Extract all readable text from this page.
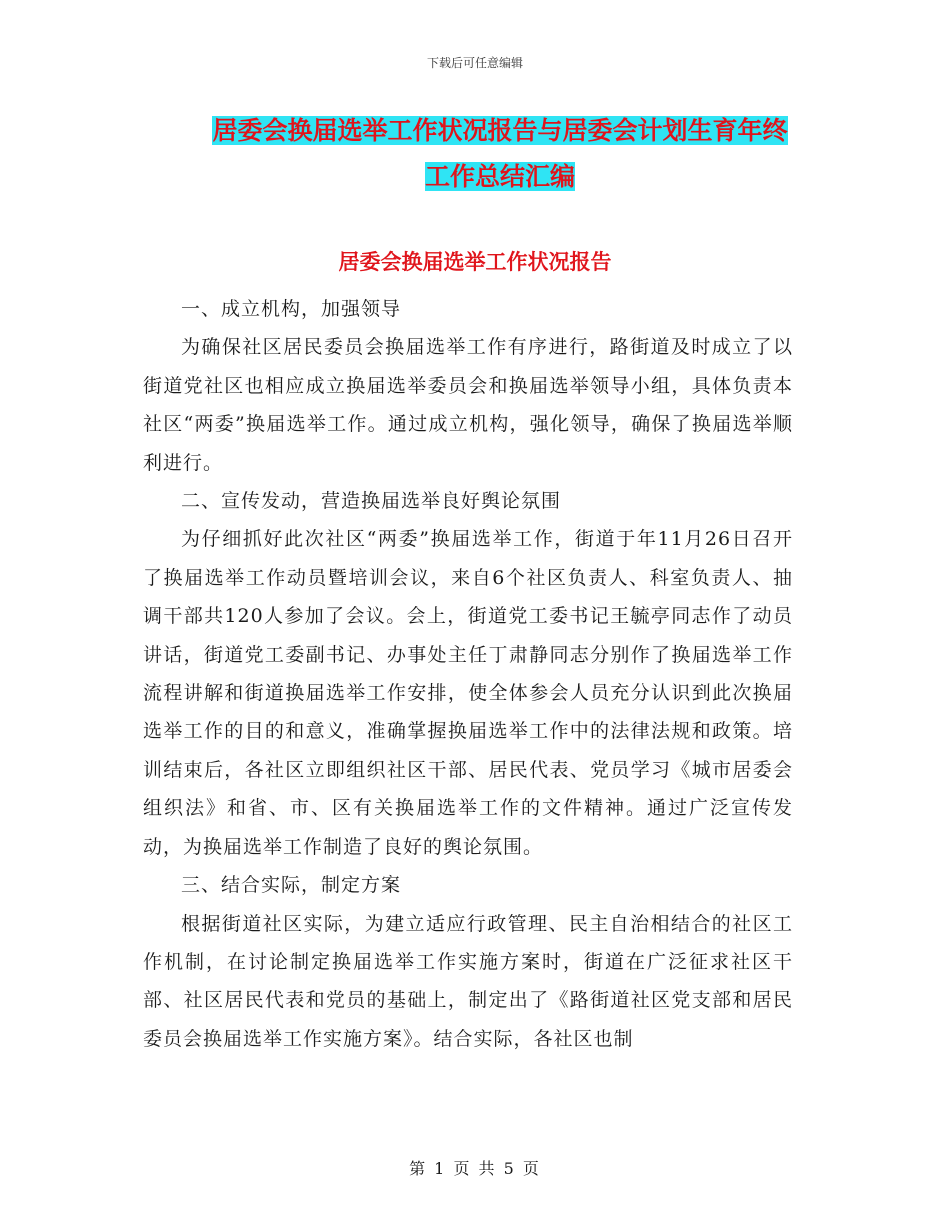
下载后可任意编辑
居委会换届选举工作状况报告与居委会计划生育年终
工作总结汇编
居委会换届选举工作状况报告

一、成立机构，加强领导

为确保社区居民委员会换届选举工作有序进行，路街道及时成立了以街道党社区也相应成立换届选举委员会和换届选举领导小组，具体负责本社区“两委”换届选举工作。通过成立机构，强化领导，确保了换届选举顺利进行。

二、宣传发动，营造换届选举良好舆论氛围

为仔细抓好此次社区“两委”换届选举工作，街道于年11月26日召开了换届选举工作动员暨培训会议，来自6个社区负责人、科室负责人、抽调干部共120人参加了会议。会上，街道党工委书记王毓亭同志作了动员讲话，街道党工委副书记、办事处主任丁肃静同志分别作了换届选举工作流程讲解和街道换届选举工作安排，使全体参会人员充分认识到此次换届选举工作的目的和意义，准确掌握换届选举工作中的法律法规和政策。培训结束后，各社区立即组织社区干部、居民代表、党员学习《城市居委会组织法》和省、市、区有关换届选举工作的文件精神。通过广泛宣传发动，为换届选举工作制造了良好的舆论氛围。

三、结合实际，制定方案

根据街道社区实际，为建立适应行政管理、民主自治相结合的社区工作机制，在讨论制定换届选举工作实施方案时，街道在广泛征求社区干部、社区居民代表和党员的基础上，制定出了《路街道社区党支部和居民委员会换届选举工作实施方案》。结合实际，各社区也制

第 1 页 共 5 页
